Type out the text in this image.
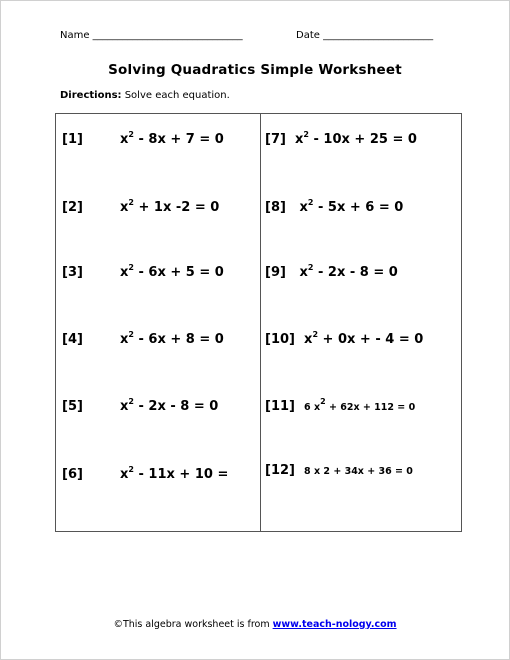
Name ______________________________	Date ______________________
Solving Quadratics Simple Worksheet
Directions: Solve each equation.
[1]	$x^2 - 8x + 7 = 0$
[2]	$x^2 + 1x$ -2 = 0
[3]	$x^2 - 6x + 5 = 0$
[4]	$x^2 - 6x + 8 = 0$
[5]	$x^2 - 2x - 8 = 0$
[6]	$x^2 - 11x + 10$ =
[7] $x^2 - 10x + 25 = 0$
[8] $x^2 - 5x + 6 = 0$
[9] $x^2 - 2x - 8 = 0$
[10] $x^2 + 0x$ + - 4 = 0
[11] 6 $x^2 + 62x + 112 = 0$
[12] 8 x 2 + 34x + 36 = 0
©This algebra worksheet is from www.teach-nology.com
